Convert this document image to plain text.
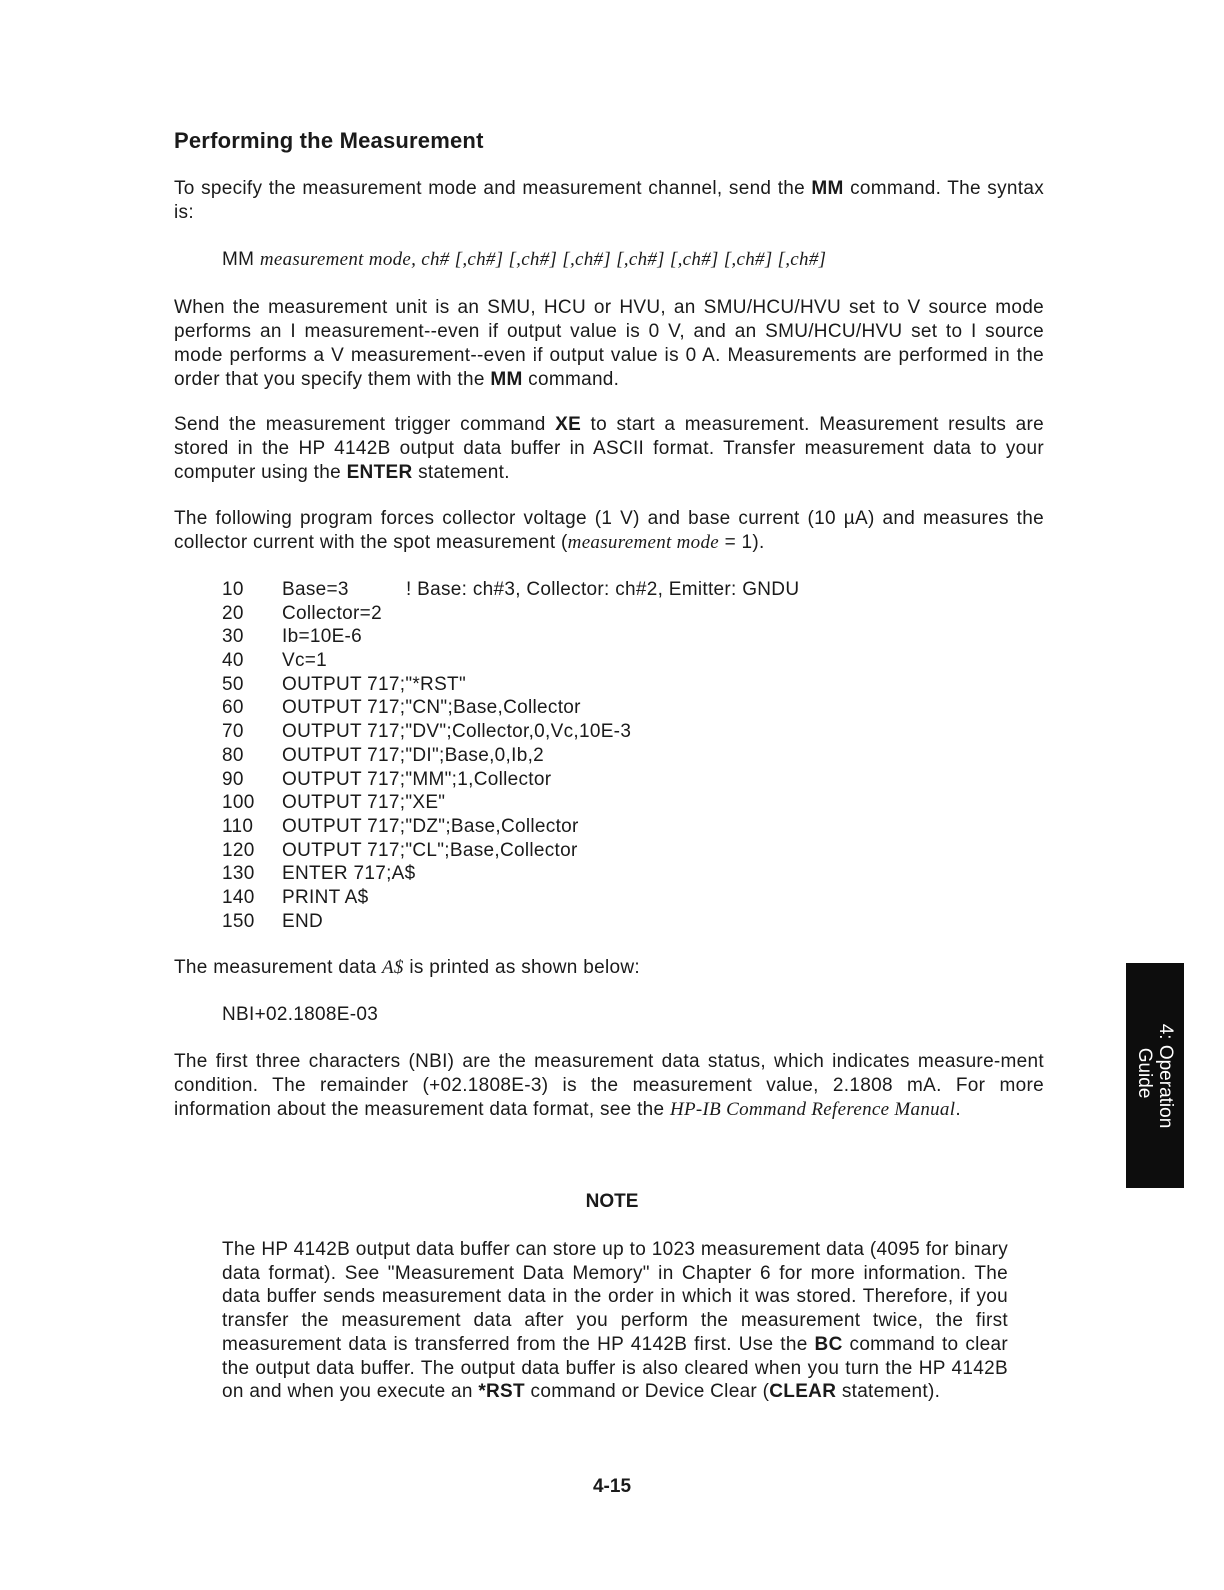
Performing the Measurement

To specify the measurement mode and measurement channel, send the MM command. The syntax is:

MM measurement mode, ch# [,ch#] [,ch#] [,ch#] [,ch#] [,ch#] [,ch#] [,ch#]

When the measurement unit is an SMU, HCU or HVU, an SMU/HCU/HVU set to V source mode performs an I measurement--even if output value is 0 V, and an SMU/HCU/HVU set to I source mode performs a V measurement--even if output value is 0 A. Measurements are performed in the order that you specify them with the MM command.

Send the measurement trigger command XE to start a measurement. Measurement results are stored in the HP 4142B output data buffer in ASCII format. Transfer measurement data to your computer using the ENTER statement.

The following program forces collector voltage (1 V) and base current (10 µA) and measures the collector current with the spot measurement (measurement mode = 1).

10 Base=3	! Base: ch#3, Collector: ch#2, Emitter: GNDU
20 Collector=2
30 Ib=10E-6
40 Vc=1
50 OUTPUT 717;"*RST"
60 OUTPUT 717;"CN";Base,Collector
70 OUTPUT 717;"DV";Collector,0,Vc,10E-3
80 OUTPUT 717;"DI";Base,0,Ib,2
90 OUTPUT 717;"MM";1,Collector
100 OUTPUT 717;"XE"
110 OUTPUT 717;"DZ";Base,Collector
120 OUTPUT 717;"CL";Base,Collector
130 ENTER 717;A$
140 PRINT A$
150 END

The measurement data A$ is printed as shown below:

NBI+02.1808E-03

The first three characters (NBI) are the measurement data status, which indicates measure-ment condition. The remainder (+02.1808E-3) is the measurement value, 2.1808 mA. For more information about the measurement data format, see the HP-IB Command Reference Manual.

NOTE

The HP 4142B output data buffer can store up to 1023 measurement data (4095 for binary data format). See "Measurement Data Memory" in Chapter 6 for more information. The data buffer sends measurement data in the order in which it was stored. Therefore, if you transfer the measurement data after you perform the measurement twice, the first measurement data is transferred from the HP 4142B first. Use the BC command to clear the output data buffer. The output data buffer is also cleared when you turn the HP 4142B on and when you execute an *RST command or Device Clear (CLEAR statement).

4: Operation
Guide

4-15
